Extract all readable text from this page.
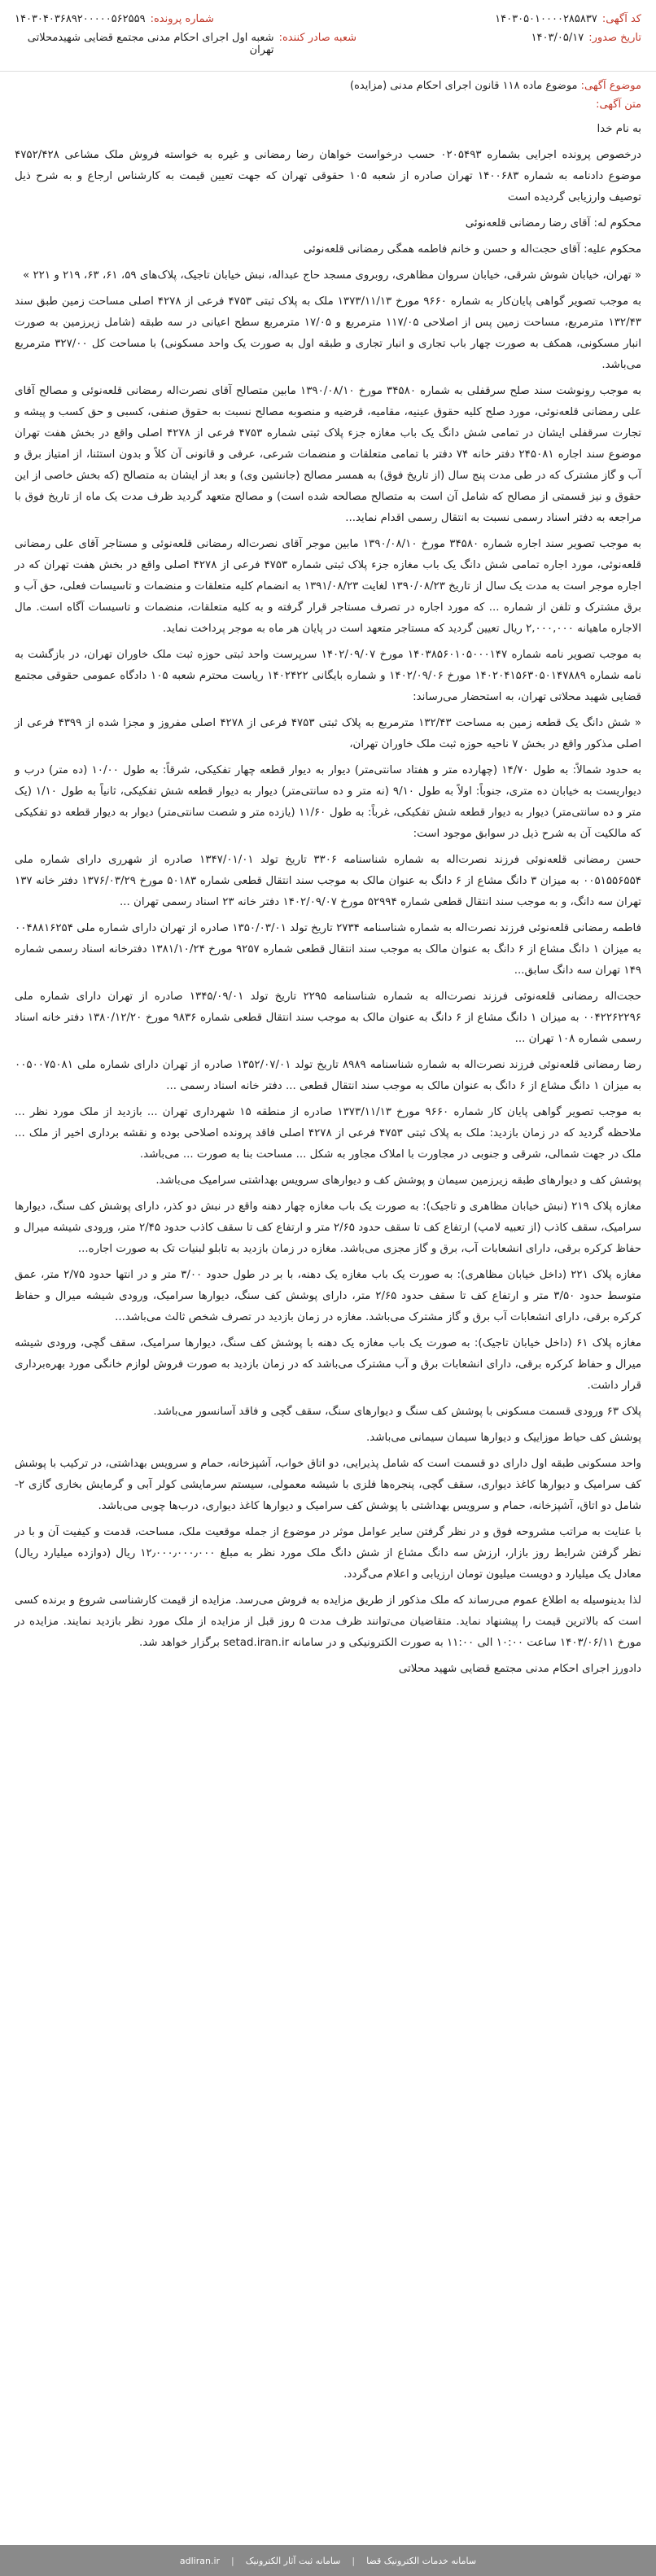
کد آگهی:
۱۴۰۳۰۵۰۱۰۰۰۰۲۸۵۸۳۷
شماره پرونده:
۱۴۰۳۰۴۰۳۶۸۹۲۰۰۰۰۰۵۶۲۵۵۹
تاریخ صدور:
۱۴۰۳/۰۵/۱۷
شعبه صادر کننده:
شعبه اول اجرای احکام مدنی مجتمع قضایی شهیدمحلاتی تهران
موضوع آگهی: موضوع ماده ۱۱۸ قانون اجرای احکام مدنی (مزایده)
متن آگهی:

به نام خدا

درخصوص پرونده اجرایی بشماره ۰۲۰۵۴۹۳ حسب درخواست خواهان رضا رمضانی و غیره به خواسته فروش ملک مشاعی ۴۷۵۲/۴۲۸ موضوع دادنامه به شماره ۱۴۰۰۶۸۳ تهران صادره از شعبه ۱۰۵ حقوقی تهران که جهت تعیین قیمت به کارشناس ارجاع و به شرح ذیل توصیف وارزیابی گردیده است

محکوم له: آقای رضا رمضانی قلعه‌نوئی

محکوم علیه: آقای حجت‌اله و حسن و خانم فاطمه همگی رمضانی قلعه‌نوئی

« تهران، خیابان شوش شرقی، خیابان سروان مظاهری، روبروی مسجد حاج عبداله، نبش خیابان تاجیک، پلاک‌های ۵۹، ۶۱، ۶۳، ۲۱۹ و ۲۲۱ »

به موجب تصویر گواهی پایان‌کار به شماره ۹۶۶۰ مورخ ۱۳۷۳/۱۱/۱۳ ملک به پلاک ثبتی ۴۷۵۳ فرعی از ۴۲۷۸ اصلی مساحت زمین طبق سند ۱۳۲/۴۳ مترمربع، مساحت زمین پس از اصلاحی ۱۱۷/۰۵ مترمربع و ۱۷/۰۵ مترمربع سطح اعیانی در سه طبقه (شامل زیرزمین به صورت انبار مسکونی، همکف به صورت چهار باب تجاری و انبار تجاری و طبقه اول به صورت یک واحد مسکونی) با مساحت کل ۳۲۷/۰۰ مترمربع می‌باشد.

به موجب رونوشت سند صلح سرقفلی به شماره ۳۴۵۸۰ مورخ ۱۳۹۰/۰۸/۱۰ مابین متصالح آقای نصرت‌اله رمضانی قلعه‌نوئی و مصالح آقای علی رمضانی قلعه‌نوئی، مورد صلح کلیه حقوق عینیه، مقامیه، قرضیه و منصوبه مصالح نسبت به حقوق صنفی، کسبی و حق کسب و پیشه و تجارت سرقفلی ایشان در تمامی شش دانگ یک باب مغازه جزء پلاک ثبتی شماره ۴۷۵۳ فرعی از ۴۲۷۸ اصلی واقع در بخش هفت تهران موضوع سند اجاره ۲۴۵۰۸۱ دفتر خانه ۷۴ دفتر با تمامی متعلقات و منضمات شرعی، عرفی و قانونی آن کلاً و بدون استثنا، از امتیاز برق و آب و گاز مشترک که در طی مدت پنج سال (از تاریخ فوق) به همسر مصالح (جانشین وی) و بعد از ایشان به متصالح (که بخش خاصی از این حقوق و نیز قسمتی از مصالح که شامل آن است به متصالح مصالحه شده است) و مصالح متعهد گردید ظرف مدت یک ماه از تاریخ فوق با مراجعه به دفتر اسناد رسمی نسبت به انتقال رسمی اقدام نماید...

به موجب تصویر سند اجاره شماره ۳۴۵۸۰ مورخ ۱۳۹۰/۰۸/۱۰ مابین موجر آقای نصرت‌اله رمضانی قلعه‌نوئی و مستاجر آقای علی رمضانی قلعه‌نوئی، مورد اجاره تمامی شش دانگ یک باب مغازه جزء پلاک ثبتی شماره ۴۷۵۳ فرعی از ۴۲۷۸ اصلی واقع در بخش هفت تهران که در اجاره موجر است به مدت یک سال از تاریخ ۱۳۹۰/۰۸/۲۳ لغایت ۱۳۹۱/۰۸/۲۳ به انضمام کلیه متعلقات و منضمات و تاسیسات فعلی، حق آب و برق مشترک و تلفن از شماره ... که مورد اجاره در تصرف مستاجر قرار گرفته و به کلیه متعلقات، منضمات و تاسیسات آگاه است. مال الاجاره ماهیانه ۲,۰۰۰,۰۰۰ ریال تعیین گردید که مستاجر متعهد است در پایان هر ماه به موجر پرداخت نماید.

به موجب تصویر نامه شماره ۱۴۰۳۸۵۶۰۱۰۵۰۰۰۱۴۷ مورخ ۱۴۰۲/۰۹/۰۷ سرپرست واحد ثبتی حوزه ثبت ملک خاوران تهران، در بازگشت به نامه شماره ۱۴۰۲۰۴۱۵۶۳۰۵۰۱۴۷۸۸۹ مورخ ۱۴۰۲/۰۹/۰۶ و شماره بایگانی ۱۴۰۲۴۲۲ ریاست محترم شعبه ۱۰۵ دادگاه عمومی حقوقی مجتمع قضایی شهید محلاتی تهران، به استحضار می‌رساند:

« شش دانگ یک قطعه زمین به مساحت ۱۳۲/۴۳ مترمربع به پلاک ثبتی ۴۷۵۳ فرعی از ۴۲۷۸ اصلی مفروز و مجزا شده از ۴۳۹۹ فرعی از اصلی مذکور واقع در بخش ۷ ناحیه حوزه ثبت ملک خاوران تهران،

به حدود شمالاً: به طول ۱۴/۷۰ (چهارده متر و هفتاد سانتی‌متر) دیوار به دیوار قطعه چهار تفکیکی، شرقاً: به طول ۱۰/۰۰ (ده متر) درب و دیواریست به خیابان ده متری، جنوباً: اولاً به طول ۹/۱۰ (نه متر و ده سانتی‌متر) دیوار به دیوار قطعه شش تفکیکی، ثانیاً به طول ۱/۱۰ (یک متر و ده سانتی‌متر) دیوار به دیوار قطعه شش تفکیکی، غرباً: به طول ۱۱/۶۰ (یازده متر و شصت سانتی‌متر) دیوار به دیوار قطعه دو تفکیکی که مالکیت آن به شرح ذیل در سوابق موجود است:

حسن رمضانی قلعه‌نوئی فرزند نصرت‌اله به شماره شناسنامه ۳۳۰۶ تاریخ تولد ۱۳۴۷/۰۱/۰۱ صادره از شهرری دارای شماره ملی ۰۰۵۱۵۵۶۵۵۴ به میزان ۳ دانگ مشاع از ۶ دانگ به عنوان مالک به موجب سند انتقال قطعی شماره ۵۰۱۸۳ مورخ ۱۳۷۶/۰۳/۲۹ دفتر خانه ۱۳۷ تهران سه دانگ، و به موجب سند انتقال قطعی شماره ۵۲۹۹۴ مورخ ۱۴۰۲/۰۹/۰۷ دفتر خانه ۲۳ اسناد رسمی تهران ...

فاطمه رمضانی قلعه‌نوئی فرزند نصرت‌اله به شماره شناسنامه ۲۷۳۴ تاریخ تولد ۱۳۵۰/۰۳/۰۱ صادره از تهران دارای شماره ملی ۰۰۴۸۸۱۶۲۵۴ به میزان ۱ دانگ مشاع از ۶ دانگ به عنوان مالک به موجب سند انتقال قطعی شماره ۹۲۵۷ مورخ ۱۳۸۱/۱۰/۲۴ دفترخانه اسناد رسمی شماره ۱۴۹ تهران سه دانگ سابق...

حجت‌اله رمضانی قلعه‌نوئی فرزند نصرت‌اله به شماره شناسنامه ۲۲۹۵ تاریخ تولد ۱۳۴۵/۰۹/۰۱ صادره از تهران دارای شماره ملی ۰۰۴۲۲۶۲۲۹۶ به میزان ۱ دانگ مشاع از ۶ دانگ به عنوان مالک به موجب سند انتقال قطعی شماره ۹۸۳۶ مورخ ۱۳۸۰/۱۲/۲۰ دفتر خانه اسناد رسمی شماره ۱۰۸ تهران ...

رضا رمضانی قلعه‌نوئی فرزند نصرت‌اله به شماره شناسنامه ۸۹۸۹ تاریخ تولد ۱۳۵۲/۰۷/۰۱ صادره از تهران دارای شماره ملی ۰۰۵۰۰۷۵۰۸۱ به میزان ۱ دانگ مشاع از ۶ دانگ به عنوان مالک به موجب سند انتقال قطعی ... دفتر خانه اسناد رسمی ...

به موجب تصویر گواهی پایان کار شماره ۹۶۶۰ مورخ ۱۳۷۳/۱۱/۱۳ صادره از منطقه ۱۵ شهرداری تهران ... بازدید از ملک مورد نظر ... ملاحظه گردید که در زمان بازدید: ملک به پلاک ثبتی ۴۷۵۳ فرعی از ۴۲۷۸ اصلی فاقد پرونده اصلاحی بوده و نقشه برداری اخیر از ملک ... ملک در جهت شمالی، شرقی و جنوبی در مجاورت با املاک مجاور به شکل ... مساحت بنا به صورت ... می‌باشد.

پوشش کف و دیوارهای طبقه زیرزمین سیمان و پوشش کف و دیوارهای سرویس بهداشتی سرامیک می‌باشد.

مغازه پلاک ۲۱۹ (نبش خیابان مظاهری و تاجیک): به صورت یک باب مغازه چهار دهنه واقع در نبش دو کذر، دارای پوشش کف سنگ، دیوارها سرامیک، سقف کاذب (از تعبیه لامپ) ارتفاع کف تا سقف حدود ۲/۶۵ متر و ارتفاع کف تا سقف کاذب حدود ۲/۴۵ متر، ورودی شیشه میرال و حفاظ کرکره برقی، دارای انشعابات آب، برق و گاز مجزی می‌باشد. مغازه در زمان بازدید به تابلو لبنیات تک به صورت اجاره...

مغازه پلاک ۲۲۱ (داخل خیابان مظاهری): به صورت یک باب مغازه یک دهنه، با بر در طول حدود ۳/۰۰ متر و در انتها حدود ۲/۷۵ متر، عمق متوسط حدود ۳/۵۰ متر و ارتفاع کف تا سقف حدود ۲/۶۵ متر، دارای پوشش کف سنگ، دیوارها سرامیک، ورودی شیشه میرال و حفاظ کرکره برقی، دارای انشعابات آب برق و گاز مشترک می‌باشد. مغازه در زمان بازدید در تصرف شخص ثالث می‌باشد...

مغازه پلاک ۶۱ (داخل خیابان تاجیک): به صورت یک باب مغازه یک دهنه با پوشش کف سنگ، دیوارها سرامیک، سقف گچی، ورودی شیشه میرال و حفاظ کرکره برقی، دارای انشعابات برق و آب مشترک می‌باشد که در زمان بازدید به صورت فروش لوازم خانگی مورد بهره‌برداری قرار داشت.

پلاک ۶۳ ورودی قسمت مسکونی با پوشش کف سنگ و دیوارهای سنگ، سقف گچی و فاقد آسانسور می‌باشد.

پوشش کف حیاط موزاییک و دیوارها سیمان سیمانی می‌باشد.

واحد مسکونی طبقه اول دارای دو قسمت است که شامل پذیرایی، دو اتاق خواب، آشپزخانه، حمام و سرویس بهداشتی، در ترکیب با پوشش کف سرامیک و دیوارها کاغذ دیواری، سقف گچی، پنجره‌ها فلزی با شیشه معمولی، سیستم سرمایشی کولر آبی و گرمایش بخاری گازی ۲- شامل دو اتاق، آشپزخانه، حمام و سرویس بهداشتی با پوشش کف سرامیک و دیوارها کاغذ دیواری، درب‌ها چوبی می‌باشد.

با عنایت به مراتب مشروحه فوق و در نظر گرفتن سایر عوامل موثر در موضوع از جمله موقعیت ملک، مساحت، قدمت و کیفیت آن و با در نظر گرفتن شرایط روز بازار، ارزش سه دانگ مشاع از شش دانگ ملک مورد نظر به مبلغ ۱۲٫۰۰۰٫۰۰۰٫۰۰۰ ریال (دوازده میلیارد ریال) معادل یک میلیارد و دویست میلیون تومان ارزیابی و اعلام می‌گردد.

لذا بدینوسیله به اطلاع عموم می‌رساند که ملک مذکور از طریق مزایده به فروش می‌رسد. مزایده از قیمت کارشناسی شروع و برنده کسی است که بالاترین قیمت را پیشنهاد نماید. متقاضیان می‌توانند ظرف مدت ۵ روز قبل از مزایده از ملک مورد نظر بازدید نمایند. مزایده در مورخ ۱۴۰۳/۰۶/۱۱ ساعت ۱۰:۰۰ الی ۱۱:۰۰ به صورت الکترونیکی و در سامانه setad.iran.ir برگزار خواهد شد.

دادورز اجرای احکام مدنی مجتمع قضایی شهید محلاتی

سامانه خدمات الکترونیک قضا
|
سامانه ثبت آثار الکترونیک
|
adliran.ir
